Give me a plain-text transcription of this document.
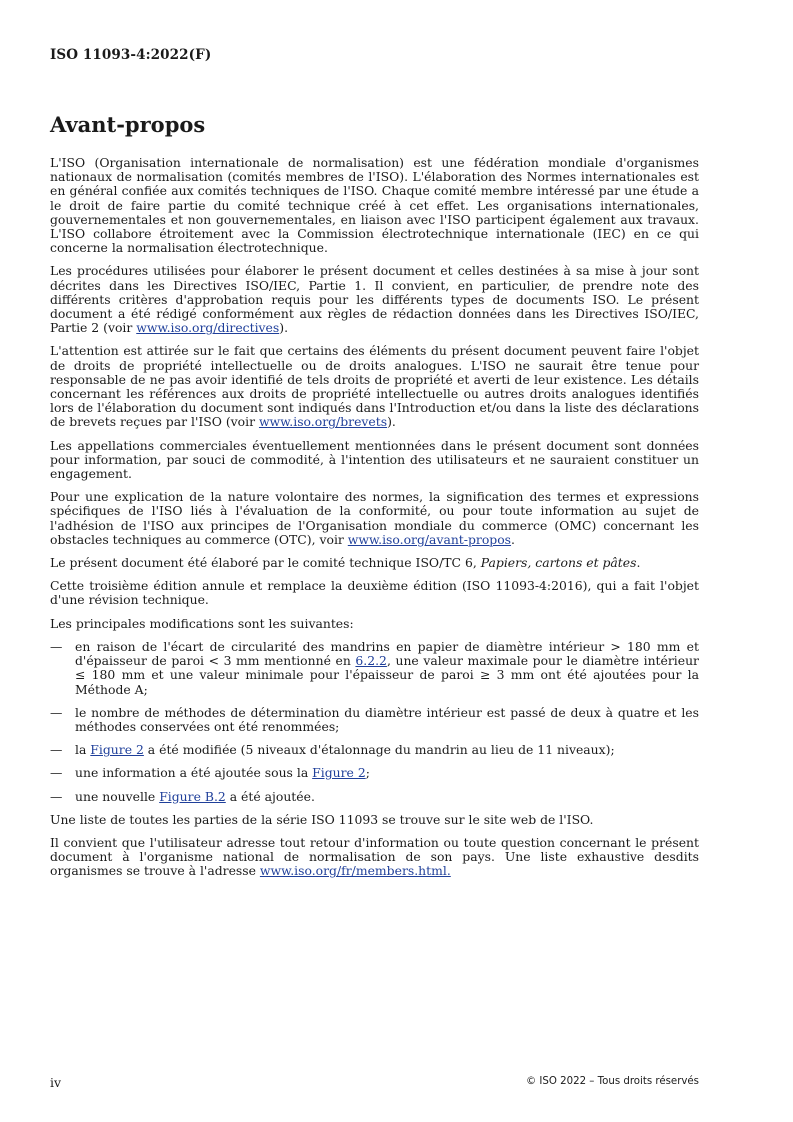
ISO 11093-4:2022(F)
Avant-propos

L'ISO (Organisation internationale de normalisation) est une fédération mondiale d'organismes nationaux de normalisation (comités membres de l'ISO). L'élaboration des Normes internationales est en général confiée aux comités techniques de l'ISO. Chaque comité membre intéressé par une étude a le droit de faire partie du comité technique créé à cet effet. Les organisations internationales, gouvernementales et non gouvernementales, en liaison avec l'ISO participent également aux travaux. L'ISO collabore étroitement avec la Commission électrotechnique internationale (IEC) en ce qui concerne la normalisation électrotechnique.

Les procédures utilisées pour élaborer le présent document et celles destinées à sa mise à jour sont décrites dans les Directives ISO/IEC, Partie 1. Il convient, en particulier, de prendre note des différents critères d'approbation requis pour les différents types de documents ISO. Le présent document a été rédigé conformément aux règles de rédaction données dans les Directives ISO/IEC, Partie 2 (voir www.iso.org/directives).

L'attention est attirée sur le fait que certains des éléments du présent document peuvent faire l'objet de droits de propriété intellectuelle ou de droits analogues. L'ISO ne saurait être tenue pour responsable de ne pas avoir identifié de tels droits de propriété et averti de leur existence. Les détails concernant les références aux droits de propriété intellectuelle ou autres droits analogues identifiés lors de l'élaboration du document sont indiqués dans l'Introduction et/ou dans la liste des déclarations de brevets reçues par l'ISO (voir www.iso.org/brevets).

Les appellations commerciales éventuellement mentionnées dans le présent document sont données pour information, par souci de commodité, à l'intention des utilisateurs et ne sauraient constituer un engagement.

Pour une explication de la nature volontaire des normes, la signification des termes et expressions spécifiques de l'ISO liés à l'évaluation de la conformité, ou pour toute information au sujet de l'adhésion de l'ISO aux principes de l'Organisation mondiale du commerce (OMC) concernant les obstacles techniques au commerce (OTC), voir www.iso.org/avant-propos.

Le présent document été élaboré par le comité technique ISO/TC 6, Papiers, cartons et pâtes.

Cette troisième édition annule et remplace la deuxième édition (ISO 11093-4:2016), qui a fait l'objet d'une révision technique.

Les principales modifications sont les suivantes:

—	en raison de l'écart de circularité des mandrins en papier de diamètre intérieur > 180 mm et d'épaisseur de paroi < 3 mm mentionné en 6.2.2, une valeur maximale pour le diamètre intérieur ≤ 180 mm et une valeur minimale pour l'épaisseur de paroi ≥ 3 mm ont été ajoutées pour la Méthode A;
—	le nombre de méthodes de détermination du diamètre intérieur est passé de deux à quatre et les méthodes conservées ont été renommées;
—	la Figure 2 a été modifiée (5 niveaux d'étalonnage du mandrin au lieu de 11 niveaux);
—	une information a été ajoutée sous la Figure 2;
—	une nouvelle Figure B.2 a été ajoutée.

Une liste de toutes les parties de la série ISO 11093 se trouve sur le site web de l'ISO.

Il convient que l'utilisateur adresse tout retour d'information ou toute question concernant le présent document à l'organisme national de normalisation de son pays. Une liste exhaustive desdits organismes se trouve à l'adresse www.iso.org/fr/members.html.

iv	© ISO 2022 – Tous droits réservés
